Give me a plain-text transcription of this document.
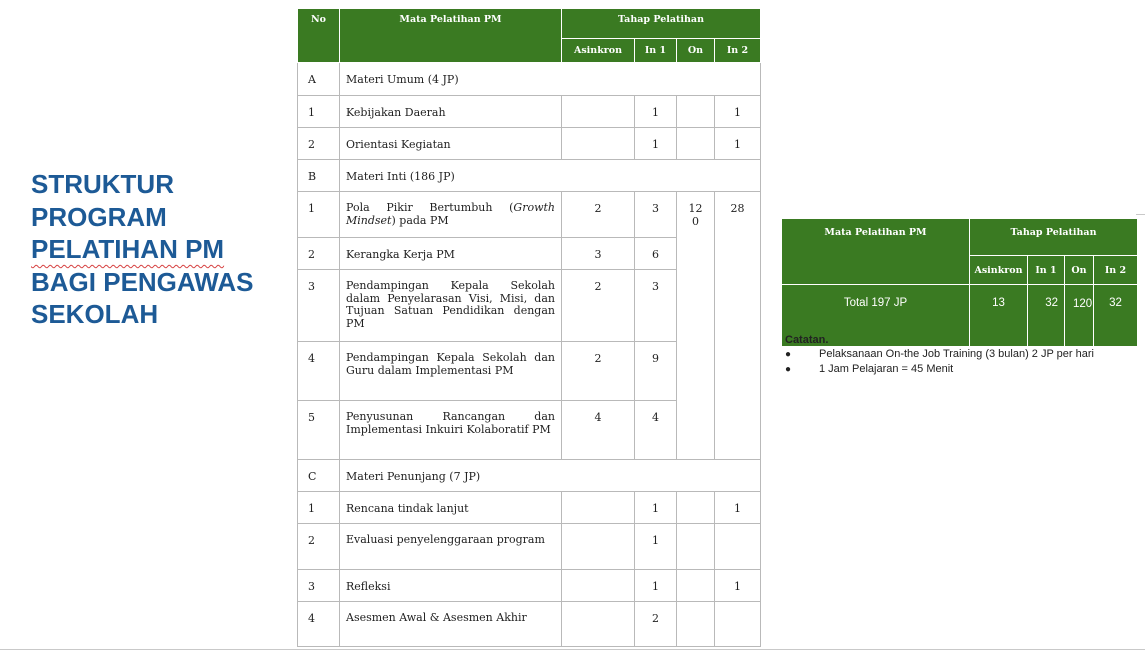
STRUKTUR
PROGRAM
PELATIHAN PM
BAGI PENGAWAS
SEKOLAH
No	Mata Pelatihan PM	Tahap Pelatihan			
		Asinkron	In 1	On	In 2
A	Materi Umum (4 JP)				
1	Kebijakan Daerah		1		1
2	Orientasi Kegiatan		1		1
B	Materi Inti (186 JP)				
1	Pola Pikir Bertumbuh (Growth Mindset) pada PM	2	3	120	28
2	Kerangka Kerja PM	3	6		
3	Pendampingan Kepala Sekolah dalam Penyelarasan Visi, Misi, dan Tujuan Satuan Pendidikan dengan PM	2	3		
4	Pendampingan Kepala Sekolah dan Guru dalam Implementasi PM	2	9		
5	Penyusunan Rancangan dan Implementasi Inkuiri Kolaboratif PM	4	4		
C	Materi Penunjang (7 JP)				
1	Rencana tindak lanjut		1		1
2	Evaluasi penyelenggaraan program		1		
3	Refleksi		1		1
4	Asesmen Awal & Asesmen Akhir		2		
Mata Pelatihan PM	Tahap Pelatihan			
	Asinkron	In 1	On	In 2
Total 197 JP	13	32	120	32
Catatan.
●	Pelaksanaan On-the Job Training (3 bulan) 2 JP per hari
●	1 Jam Pelajaran = 45 Menit
